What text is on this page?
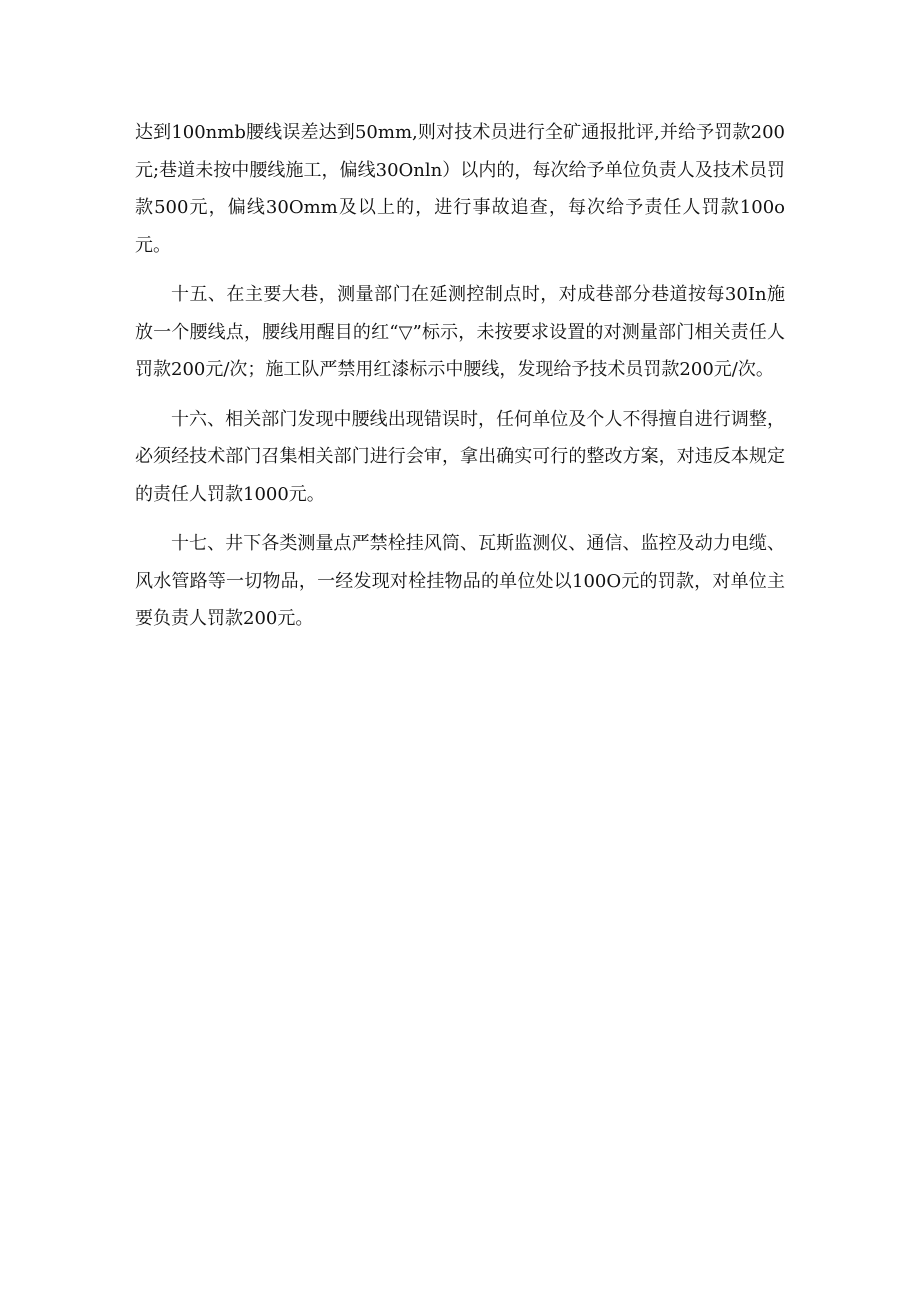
达到100nmb腰线误差达到50mm,则对技术员进行全矿通报批评,并给予罚款200元;巷道未按中腰线施工，偏线30Onln）以内的，每次给予单位负责人及技术员罚款500元，偏线30Omm及以上的，进行事故追查，每次给予责任人罚款100o元。

十五、在主要大巷，测量部门在延测控制点时，对成巷部分巷道按每30In施放一个腰线点，腰线用醒目的红“▽”标示，未按要求设置的对测量部门相关责任人罚款200元/次；施工队严禁用红漆标示中腰线，发现给予技术员罚款200元/次。

十六、相关部门发现中腰线出现错误时，任何单位及个人不得擅自进行调整，必须经技术部门召集相关部门进行会审，拿出确实可行的整改方案，对违反本规定的责任人罚款1000元。

十七、井下各类测量点严禁栓挂风筒、瓦斯监测仪、通信、监控及动力电缆、风水管路等一切物品，一经发现对栓挂物品的单位处以100O元的罚款，对单位主要负责人罚款200元。
